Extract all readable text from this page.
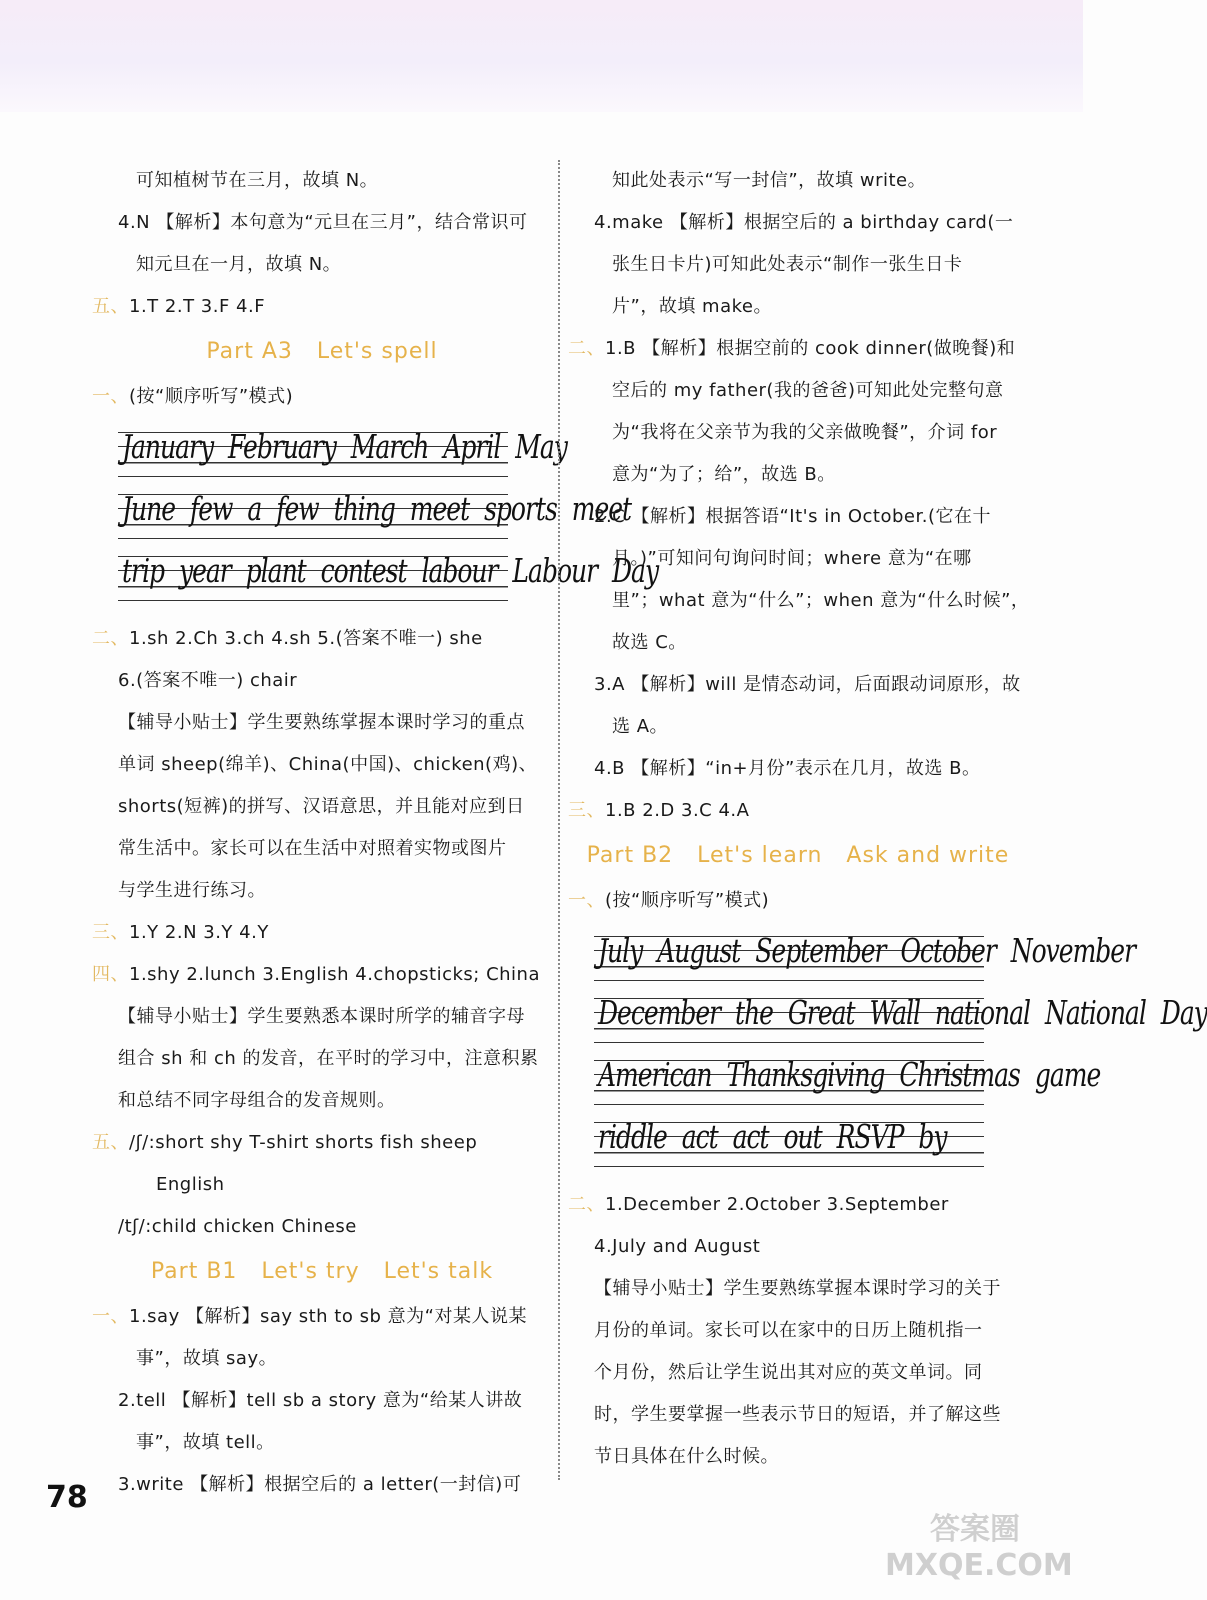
可知植树节在三月，故填 N。
4.N 【解析】本句意为“元旦在三月”，结合常识可
知元旦在一月，故填 N。
五、1.T 2.T 3.F 4.F
Part A3   Let's spell
一、(按“顺序听写”模式)
January February March April May
June few a few thing meet sports meet
trip year plant contest labour Labour Day
二、1.sh 2.Ch 3.ch 4.sh 5.(答案不唯一) she
6.(答案不唯一) chair
【辅导小贴士】学生要熟练掌握本课时学习的重点
单词 sheep(绵羊)、China(中国)、chicken(鸡)、
shorts(短裤)的拼写、汉语意思，并且能对应到日
常生活中。家长可以在生活中对照着实物或图片
与学生进行练习。
三、1.Y 2.N 3.Y 4.Y
四、1.shy 2.lunch 3.English 4.chopsticks; China
【辅导小贴士】学生要熟悉本课时所学的辅音字母
组合 sh 和 ch 的发音，在平时的学习中，注意积累
和总结不同字母组合的发音规则。
五、/ʃ/:short shy T-shirt shorts fish sheep
English
/tʃ/:child chicken Chinese
Part B1   Let's try   Let's talk
一、1.say 【解析】say sth to sb 意为“对某人说某
事”，故填 say。
2.tell 【解析】tell sb a story 意为“给某人讲故
事”，故填 tell。
3.write 【解析】根据空后的 a letter(一封信)可
知此处表示“写一封信”，故填 write。
4.make 【解析】根据空后的 a birthday card(一
张生日卡片)可知此处表示“制作一张生日卡
片”，故填 make。
二、1.B 【解析】根据空前的 cook dinner(做晚餐)和
空后的 my father(我的爸爸)可知此处完整句意
为“我将在父亲节为我的父亲做晚餐”，介词 for
意为“为了；给”，故选 B。
2.C 【解析】根据答语“It's in October.(它在十
月。)”可知问句询问时间；where 意为“在哪
里”；what 意为“什么”；when 意为“什么时候”，
故选 C。
3.A 【解析】will 是情态动词，后面跟动词原形，故
选 A。
4.B 【解析】“in+月份”表示在几月，故选 B。
三、1.B 2.D 3.C 4.A
Part B2   Let's learn   Ask and write
一、(按“顺序听写”模式)
July August September October November
December the Great Wall national National Day
American Thanksgiving Christmas game
riddle act act out RSVP by
二、1.December 2.October 3.September
4.July and August
【辅导小贴士】学生要熟练掌握本课时学习的关于
月份的单词。家长可以在家中的日历上随机指一
个月份，然后让学生说出其对应的英文单词。同
时，学生要掌握一些表示节日的短语，并了解这些
节日具体在什么时候。
78
答案圈
MXQE.COM
